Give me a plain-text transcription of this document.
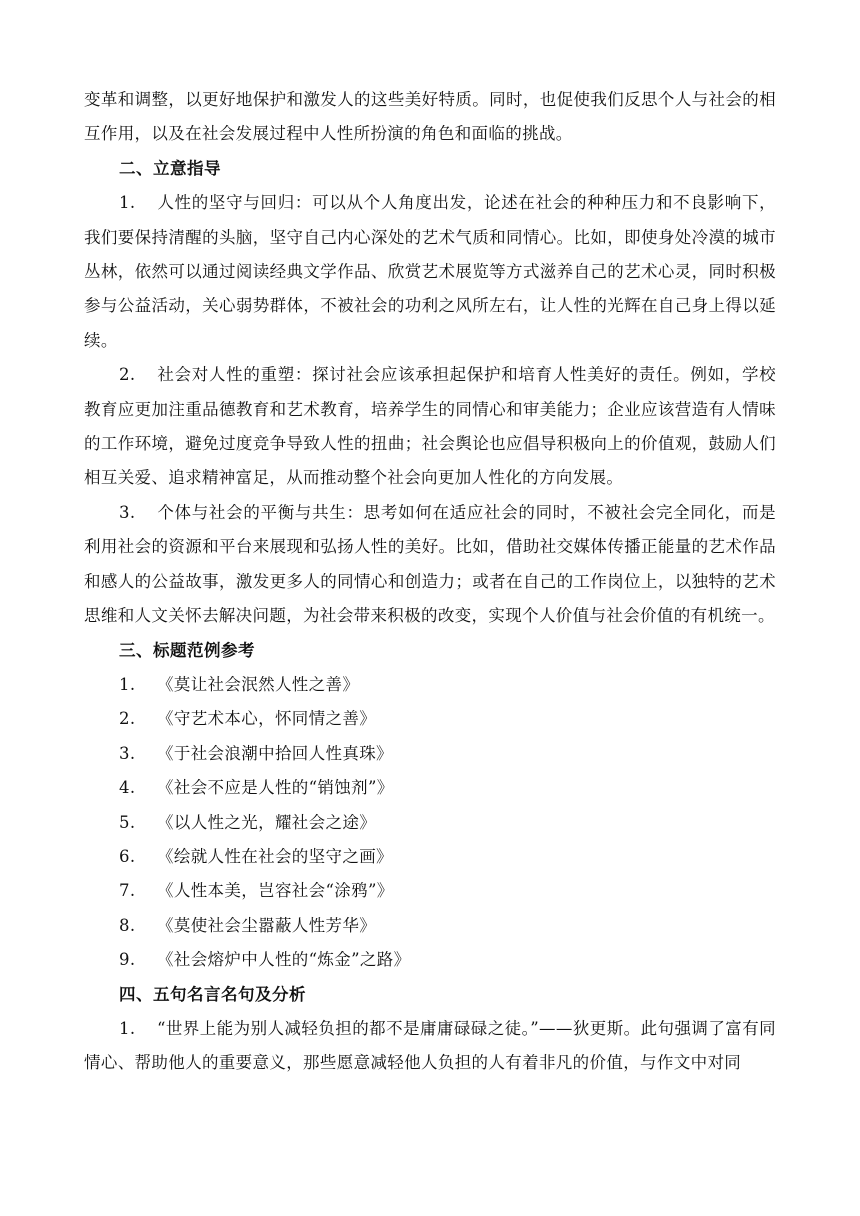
变革和调整，以更好地保护和激发人的这些美好特质。同时，也促使我们反思个人与社会的相互作用，以及在社会发展过程中人性所扮演的角色和面临的挑战。

二、立意指导

1. 人性的坚守与回归：可以从个人角度出发，论述在社会的种种压力和不良影响下，我们要保持清醒的头脑，坚守自己内心深处的艺术气质和同情心。比如，即使身处冷漠的城市丛林，依然可以通过阅读经典文学作品、欣赏艺术展览等方式滋养自己的艺术心灵，同时积极参与公益活动，关心弱势群体，不被社会的功利之风所左右，让人性的光辉在自己身上得以延续。

2. 社会对人性的重塑：探讨社会应该承担起保护和培育人性美好的责任。例如，学校教育应更加注重品德教育和艺术教育，培养学生的同情心和审美能力；企业应该营造有人情味的工作环境，避免过度竞争导致人性的扭曲；社会舆论也应倡导积极向上的价值观，鼓励人们相互关爱、追求精神富足，从而推动整个社会向更加人性化的方向发展。

3. 个体与社会的平衡与共生：思考如何在适应社会的同时，不被社会完全同化，而是利用社会的资源和平台来展现和弘扬人性的美好。比如，借助社交媒体传播正能量的艺术作品和感人的公益故事，激发更多人的同情心和创造力；或者在自己的工作岗位上，以独特的艺术思维和人文关怀去解决问题，为社会带来积极的改变，实现个人价值与社会价值的有机统一。

三、标题范例参考

1. 《莫让社会泯然人性之善》

2. 《守艺术本心，怀同情之善》

3. 《于社会浪潮中拾回人性真珠》

4. 《社会不应是人性的“销蚀剂”》

5. 《以人性之光，耀社会之途》

6. 《绘就人性在社会的坚守之画》

7. 《人性本美，岂容社会“涂鸦”》

8. 《莫使社会尘嚣蔽人性芳华》

9. 《社会熔炉中人性的“炼金”之路》

四、五句名言名句及分析

1. “世界上能为别人减轻负担的都不是庸庸碌碌之徒。”——狄更斯。此句强调了富有同情心、帮助他人的重要意义，那些愿意减轻他人负担的人有着非凡的价值，与作文中对同
